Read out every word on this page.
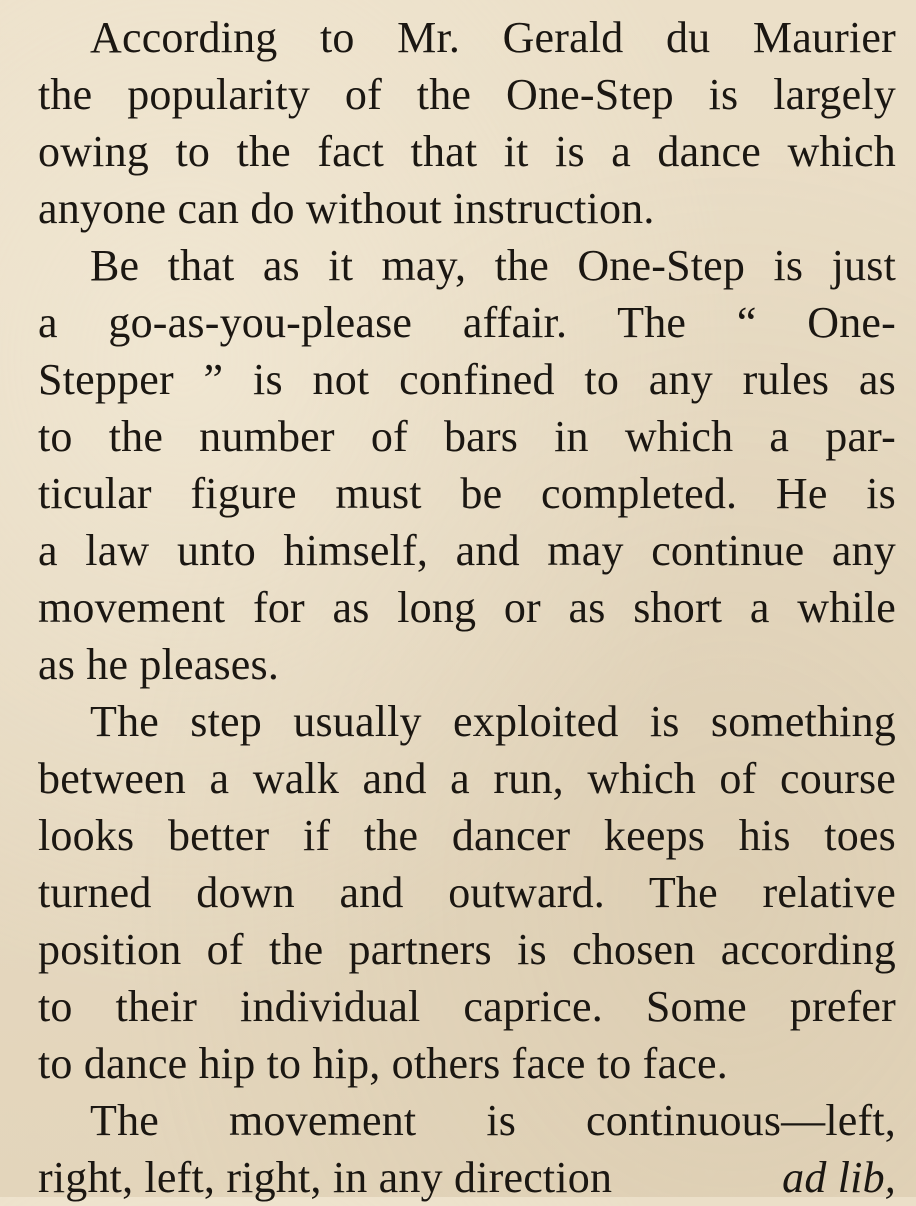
According to Mr. Gerald du Maurier
the popularity of the One-Step is largely
owing to the fact that it is a dance which
anyone can do without instruction.
Be that as it may, the One-Step is just
a go-as-you-please affair. The “ One-
Stepper ” is not confined to any rules as
to the number of bars in which a par-
ticular figure must be completed. He is
a law unto himself, and may continue any
movement for as long or as short a while
as he pleases.
The step usually exploited is something
between a walk and a run, which of course
looks better if the dancer keeps his toes
turned down and outward. The relative
position of the partners is chosen according
to their individual caprice. Some prefer
to dance hip to hip, others face to face.
The movement is continuous—left,
right, left, right, in any direction	ad lib,
